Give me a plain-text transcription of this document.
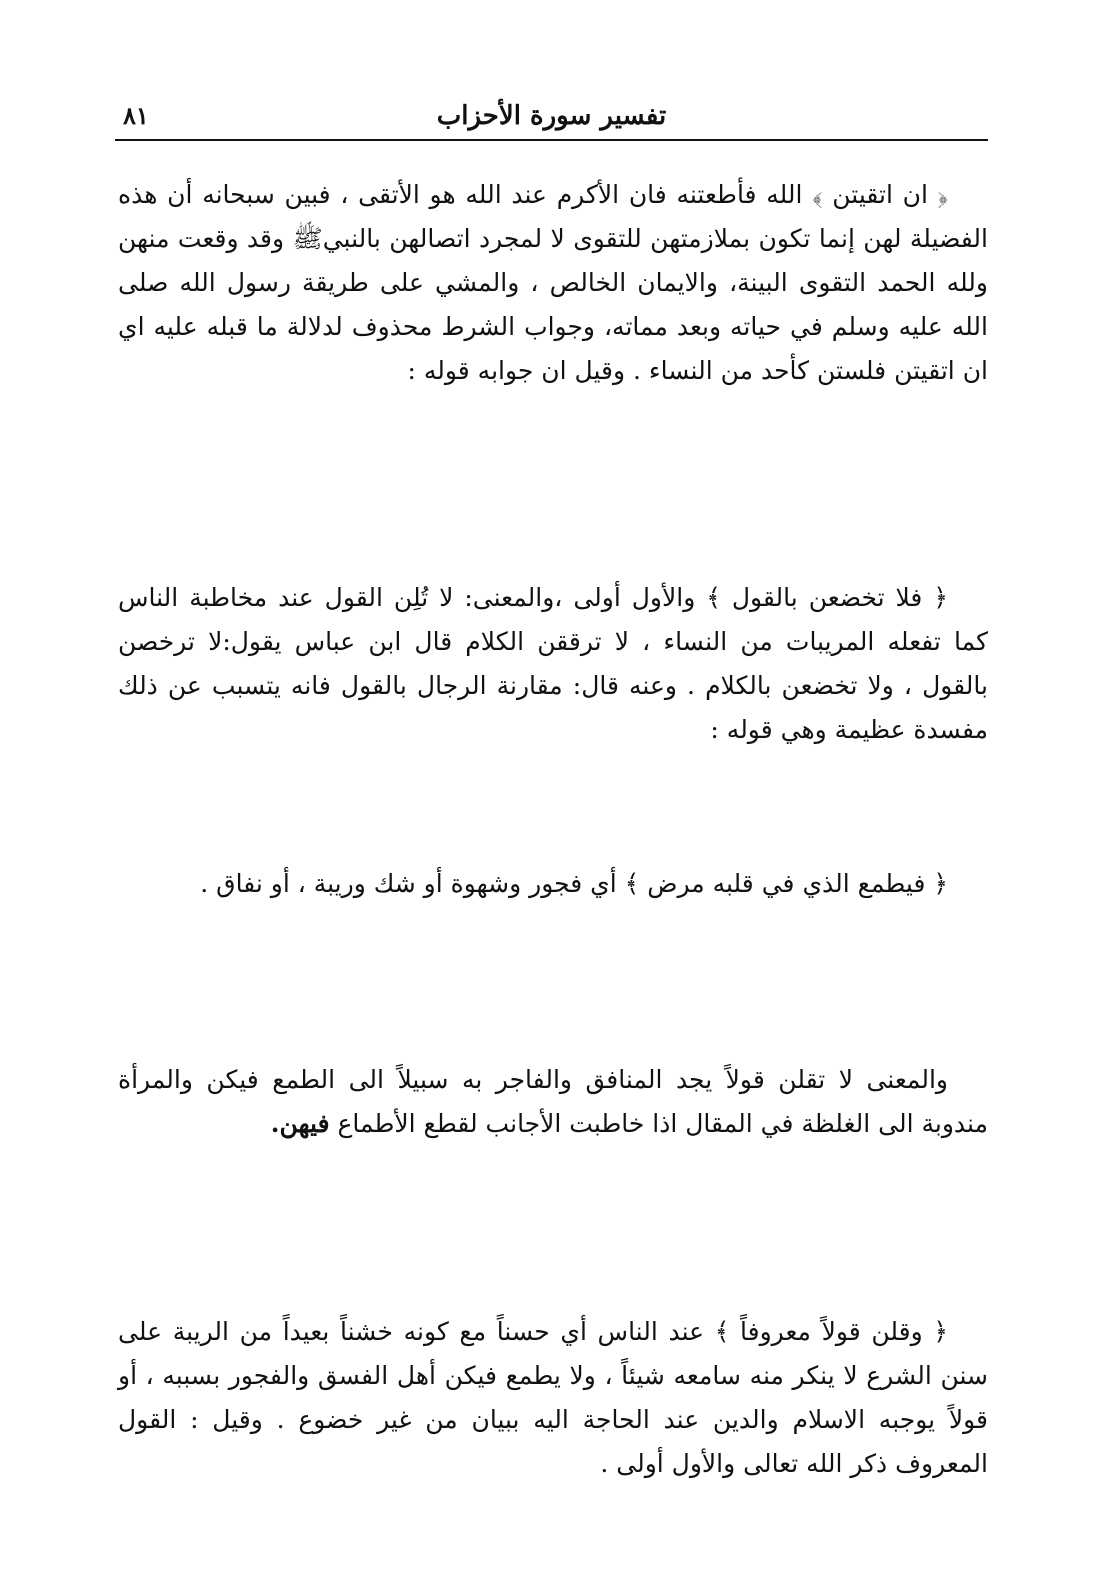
تفسير سورة الأحزاب
٨١

﴿ ان اتقيتن ﴾ الله فأطعتنه فان الأكرم عند الله هو الأتقى ، فبين سبحانه أن هذه الفضيلة لهن إنما تكون بملازمتهن للتقوى لا لمجرد اتصالهن بالنبيﷺ وقد وقعت منهن ولله الحمد التقوى البينة، والايمان الخالص ، والمشي على طريقة رسول الله صلى الله عليه وسلم في حياته وبعد مماته، وجواب الشرط محذوف لدلالة ما قبله عليه اي ان اتقيتن فلستن كأحد من النساء . وقيل ان جوابه قوله :

﴿ فلا تخضعن بالقول ﴾ والأول أولى ،والمعنى: لا تُلِن القول عند مخاطبة الناس كما تفعله المريبات من النساء ، لا ترققن الكلام قال ابن عباس يقول:لا ترخصن بالقول ، ولا تخضعن بالكلام . وعنه قال: مقارنة الرجال بالقول فانه يتسبب عن ذلك مفسدة عظيمة وهي قوله :

﴿ فيطمع الذي في قلبه مرض ﴾ أي فجور وشهوة أو شك وريبة ، أو نفاق .

والمعنى لا تقلن قولاً يجد المنافق والفاجر به سبيلاً الى الطمع فيكن والمرأة مندوبة الى الغلظة في المقال اذا خاطبت الأجانب لقطع الأطماع فيهن.

﴿ وقلن قولاً معروفاً ﴾ عند الناس أي حسناً مع كونه خشناً بعيداً من الريبة على سنن الشرع لا ينكر منه سامعه شيئاً ، ولا يطمع فيكن أهل الفسق والفجور بسببه ، أو قولاً يوجبه الاسلام والدين عند الحاجة اليه ببيان من غير خضوع . وقيل : القول المعروف ذكر الله تعالى والأول أولى .
